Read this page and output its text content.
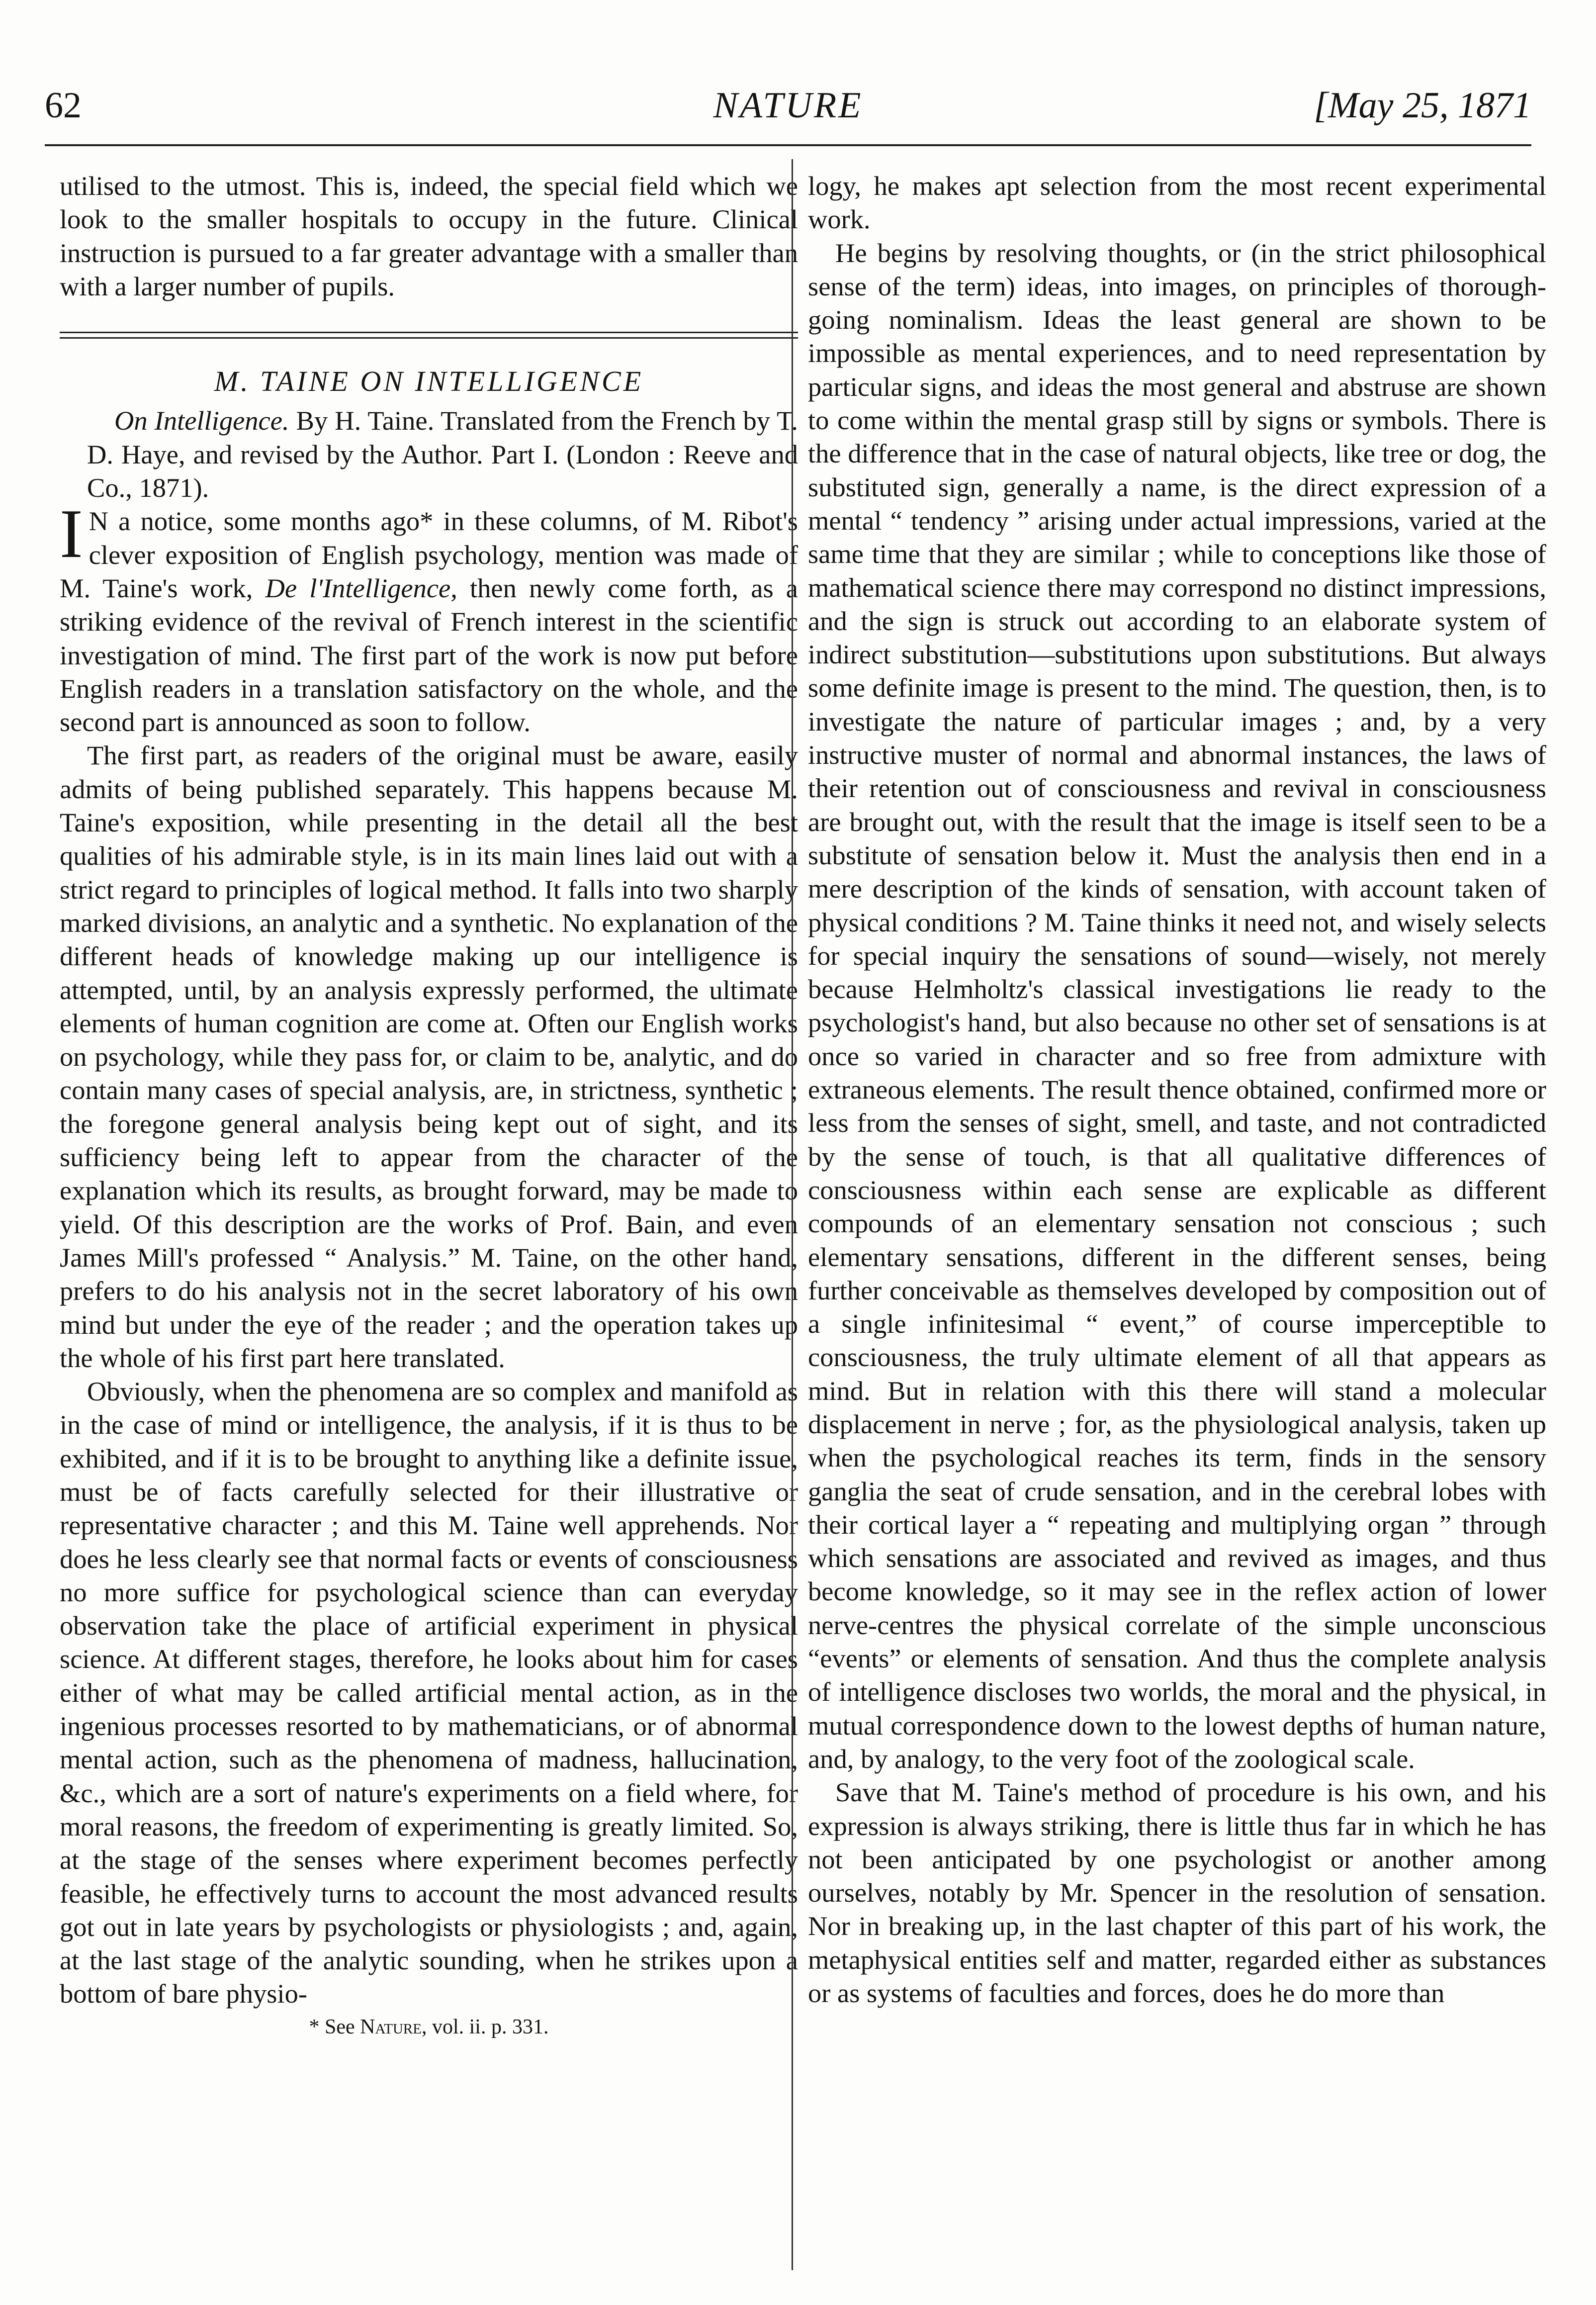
62	NATURE	[May 25, 1871

utilised to the utmost. This is, indeed, the special field which we look to the smaller hospitals to occupy in the future. Clinical instruction is pursued to a far greater advantage with a smaller than with a larger number of pupils.

M. TAINE ON INTELLIGENCE

On Intelligence. By H. Taine. Translated from the French by T. D. Haye, and revised by the Author. Part I. (London : Reeve and Co., 1871).

I N a notice, some months ago* in these columns, of M. Ribot's clever exposition of English psychology, mention was made of M. Taine's work, De l'Intelligence, then newly come forth, as a striking evidence of the revival of French interest in the scientific investigation of mind. The first part of the work is now put before English readers in a translation satisfactory on the whole, and the second part is announced as soon to follow.

The first part, as readers of the original must be aware, easily admits of being published separately. This happens because M. Taine's exposition, while presenting in the detail all the best qualities of his admirable style, is in its main lines laid out with a strict regard to principles of logical method. It falls into two sharply marked divisions, an analytic and a synthetic. No explanation of the different heads of knowledge making up our intelligence is attempted, until, by an analysis expressly performed, the ultimate elements of human cognition are come at. Often our English works on psychology, while they pass for, or claim to be, analytic, and do contain many cases of special analysis, are, in strictness, synthetic ; the foregone general analysis being kept out of sight, and its sufficiency being left to appear from the character of the explanation which its results, as brought forward, may be made to yield. Of this description are the works of Prof. Bain, and even James Mill's professed “ Analysis.” M. Taine, on the other hand, prefers to do his analysis not in the secret laboratory of his own mind but under the eye of the reader ; and the operation takes up the whole of his first part here translated.

Obviously, when the phenomena are so complex and manifold as in the case of mind or intelligence, the analysis, if it is thus to be exhibited, and if it is to be brought to anything like a definite issue, must be of facts carefully selected for their illustrative or representative character ; and this M. Taine well apprehends. Nor does he less clearly see that normal facts or events of consciousness no more suffice for psychological science than can everyday observation take the place of artificial experiment in physical science. At different stages, therefore, he looks about him for cases either of what may be called artificial mental action, as in the ingenious processes resorted to by mathematicians, or of abnormal mental action, such as the phenomena of madness, hallucination, &c., which are a sort of nature's experiments on a field where, for moral reasons, the freedom of experimenting is greatly limited. So, at the stage of the senses where experiment becomes perfectly feasible, he effectively turns to account the most advanced results got out in late years by psychologists or physiologists ; and, again, at the last stage of the analytic sounding, when he strikes upon a bottom of bare physio-

* See Nature, vol. ii. p. 331.

logy, he makes apt selection from the most recent experimental work.

He begins by resolving thoughts, or (in the strict philosophical sense of the term) ideas, into images, on principles of thorough-going nominalism. Ideas the least general are shown to be impossible as mental experiences, and to need representation by particular signs, and ideas the most general and abstruse are shown to come within the mental grasp still by signs or symbols. There is the difference that in the case of natural objects, like tree or dog, the substituted sign, generally a name, is the direct expression of a mental “ tendency ” arising under actual impressions, varied at the same time that they are similar ; while to conceptions like those of mathematical science there may correspond no distinct impressions, and the sign is struck out according to an elaborate system of indirect substitution—substitutions upon substitutions. But always some definite image is present to the mind. The question, then, is to investigate the nature of particular images ; and, by a very instructive muster of normal and abnormal instances, the laws of their retention out of consciousness and revival in consciousness are brought out, with the result that the image is itself seen to be a substitute of sensation below it. Must the analysis then end in a mere description of the kinds of sensation, with account taken of physical conditions ? M. Taine thinks it need not, and wisely selects for special inquiry the sensations of sound—wisely, not merely because Helmholtz's classical investigations lie ready to the psychologist's hand, but also because no other set of sensations is at once so varied in character and so free from admixture with extraneous elements. The result thence obtained, confirmed more or less from the senses of sight, smell, and taste, and not contradicted by the sense of touch, is that all qualitative differences of consciousness within each sense are explicable as different compounds of an elementary sensation not conscious ; such elementary sensations, different in the different senses, being further conceivable as themselves developed by composition out of a single infinitesimal “ event,” of course imperceptible to consciousness, the truly ultimate element of all that appears as mind. But in relation with this there will stand a molecular displacement in nerve ; for, as the physiological analysis, taken up when the psychological reaches its term, finds in the sensory ganglia the seat of crude sensation, and in the cerebral lobes with their cortical layer a “ repeating and multiplying organ ” through which sensations are associated and revived as images, and thus become knowledge, so it may see in the reflex action of lower nerve-centres the physical correlate of the simple unconscious “events” or elements of sensation. And thus the complete analysis of intelligence discloses two worlds, the moral and the physical, in mutual correspondence down to the lowest depths of human nature, and, by analogy, to the very foot of the zoological scale.

Save that M. Taine's method of procedure is his own, and his expression is always striking, there is little thus far in which he has not been anticipated by one psychologist or another among ourselves, notably by Mr. Spencer in the resolution of sensation. Nor in breaking up, in the last chapter of this part of his work, the metaphysical entities self and matter, regarded either as substances or as systems of faculties and forces, does he do more than
